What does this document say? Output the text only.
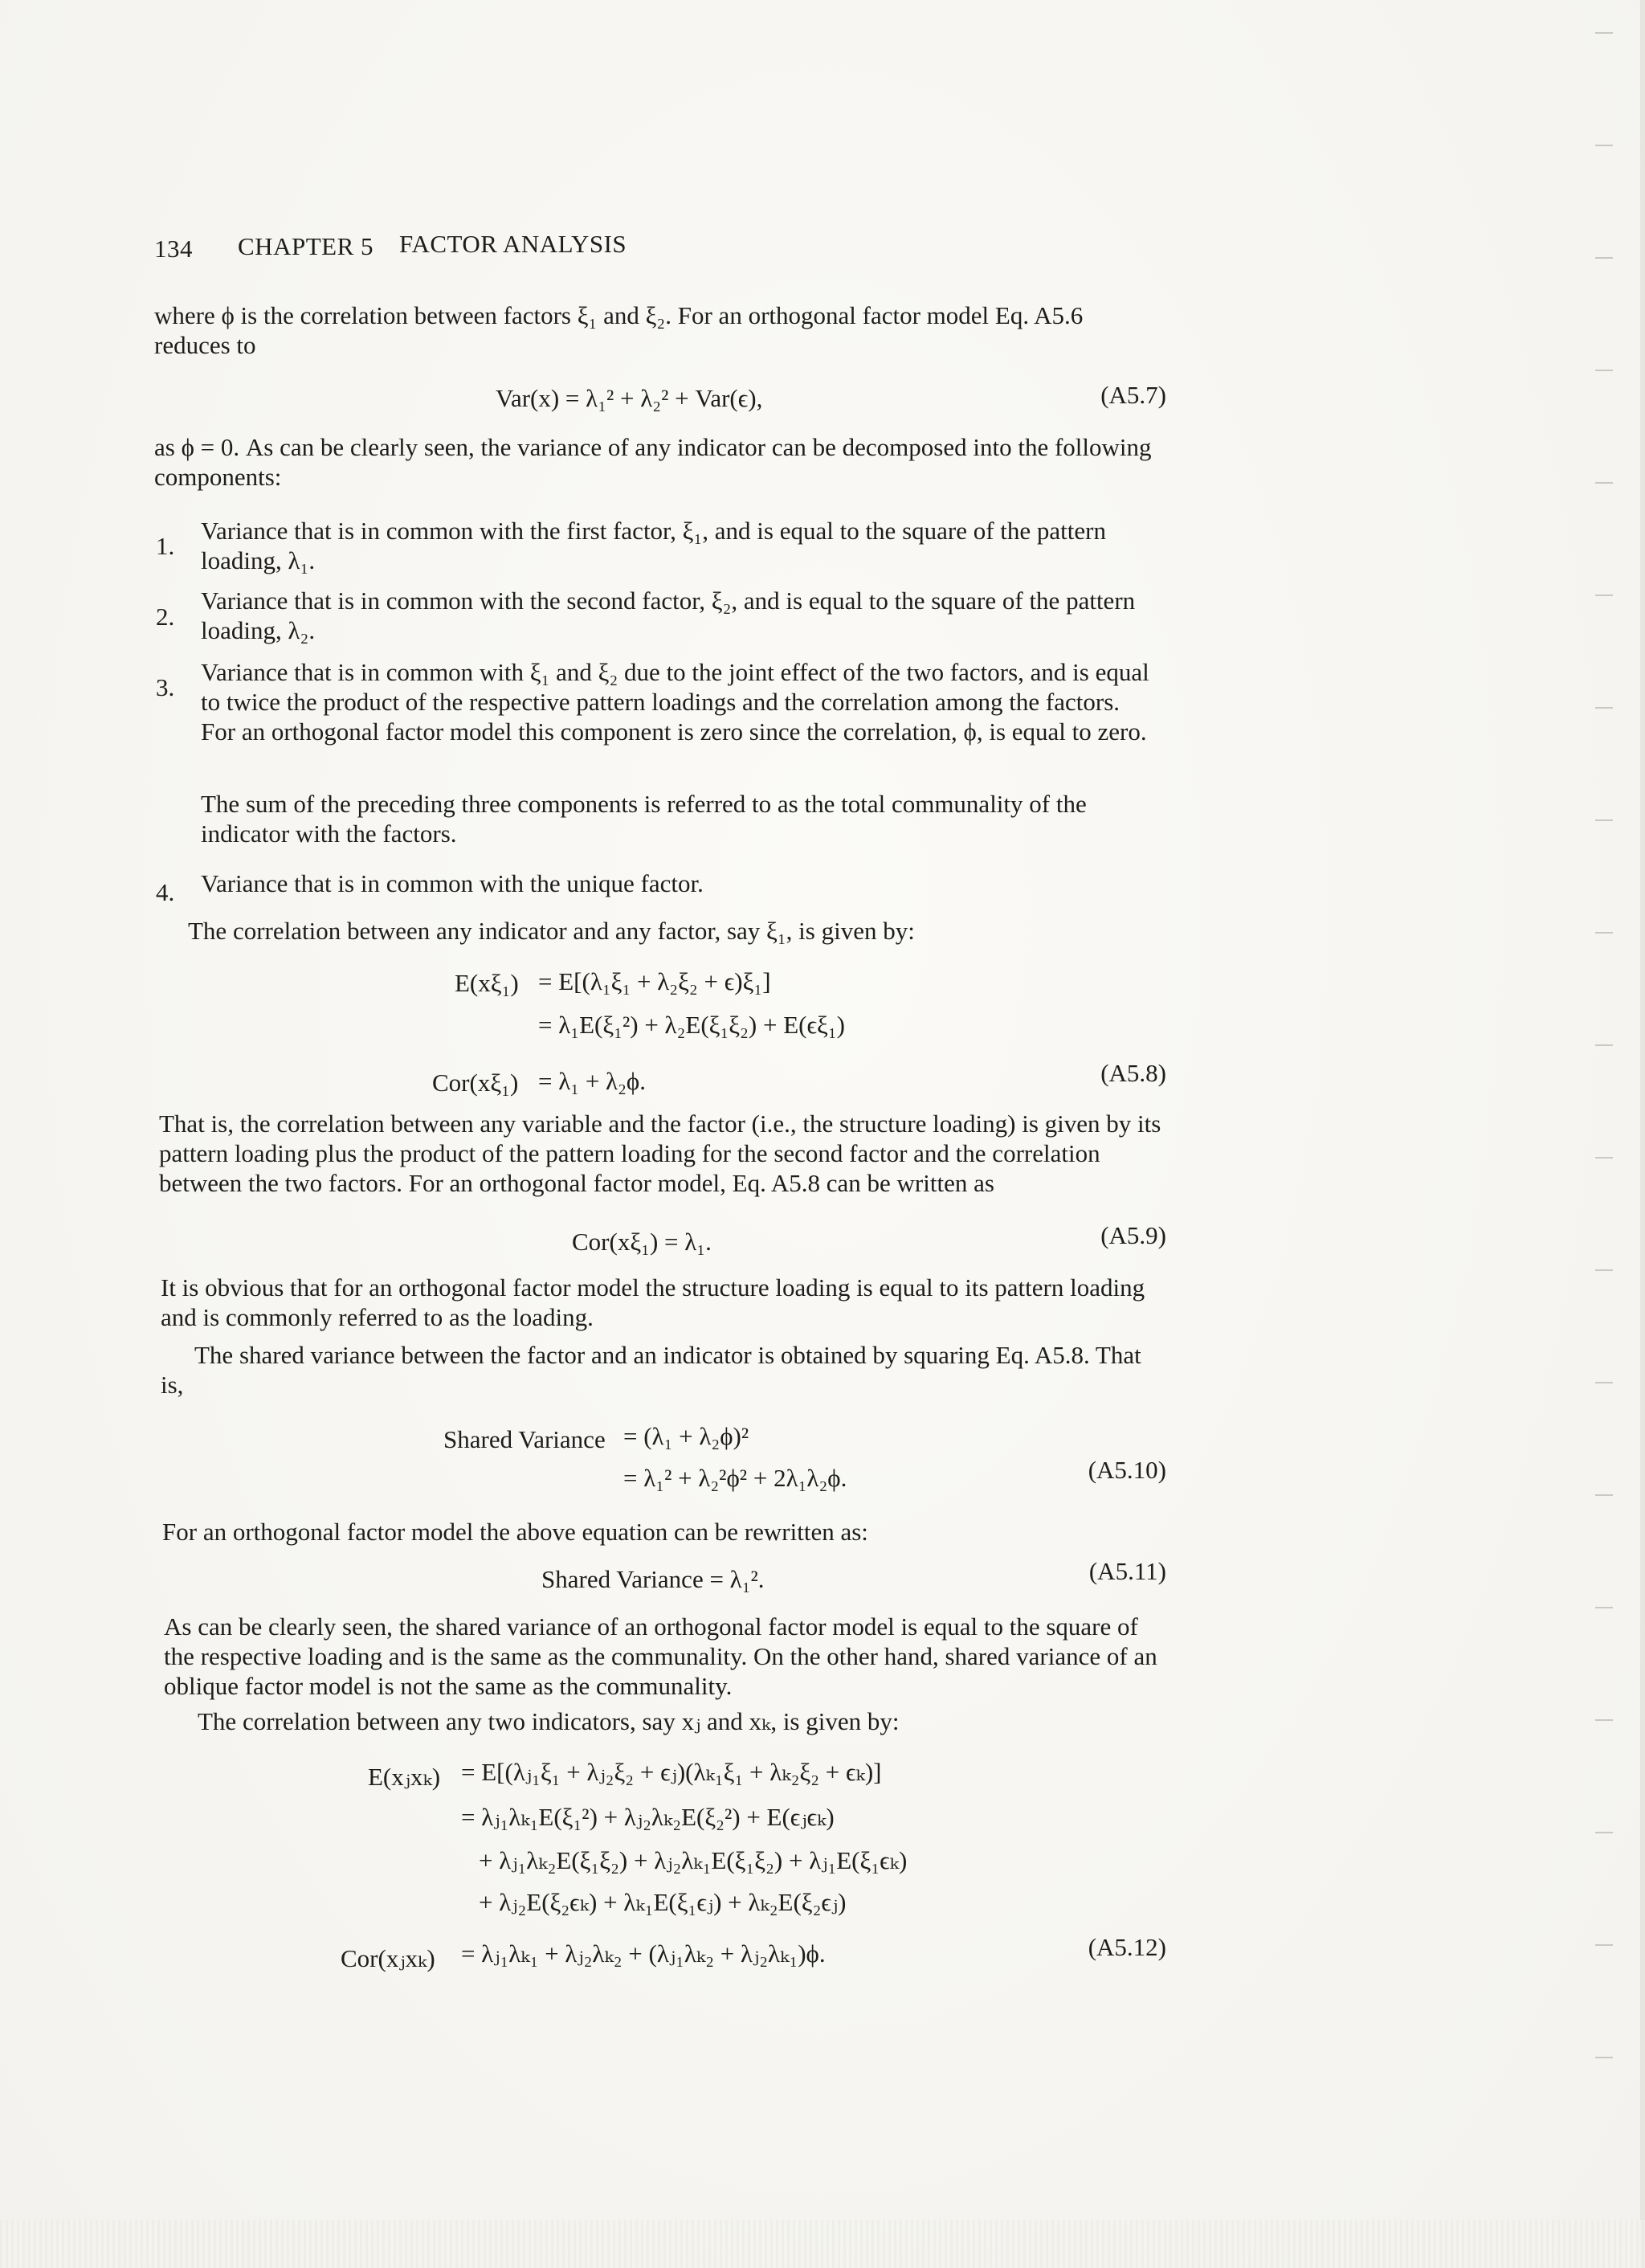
134 CHAPTER 5 FACTOR ANALYSIS
where ϕ is the correlation between factors ξ₁ and ξ₂. For an orthogonal factor model Eq. A5.6 reduces to
Var(x) = λ₁² + λ₂² + Var(ϵ),	(A5.7)
as ϕ = 0. As can be clearly seen, the variance of any indicator can be decomposed into the following components:
1.
Variance that is in common with the first factor, ξ₁, and is equal to the square of the pattern loading, λ₁.
2.
Variance that is in common with the second factor, ξ₂, and is equal to the square of the pattern loading, λ₂.
3.
Variance that is in common with ξ₁ and ξ₂ due to the joint effect of the two factors, and is equal to twice the product of the respective pattern loadings and the correlation among the factors. For an orthogonal factor model this component is zero since the correlation, ϕ, is equal to zero.
The sum of the preceding three components is referred to as the total communality of the indicator with the factors.
4. Variance that is in common with the unique factor.
The correlation between any indicator and any factor, say ξ₁, is given by:
E(xξ₁) = E[(λ₁ξ₁ + λ₂ξ₂ + ϵ)ξ₁]
= λ₁E(ξ₁²) + λ₂E(ξ₁ξ₂) + E(ϵξ₁)
Cor(xξ₁) = λ₁ + λ₂ϕ.	(A5.8)
That is, the correlation between any variable and the factor (i.e., the structure loading) is given by its pattern loading plus the product of the pattern loading for the second factor and the correlation between the two factors. For an orthogonal factor model, Eq. A5.8 can be written as
Cor(xξ₁) = λ₁.	(A5.9)
It is obvious that for an orthogonal factor model the structure loading is equal to its pattern loading and is commonly referred to as the loading.
The shared variance between the factor and an indicator is obtained by squaring Eq. A5.8. That is,
Shared Variance = (λ₁ + λ₂ϕ)²
= λ₁² + λ₂²ϕ² + 2λ₁λ₂ϕ.	(A5.10)
For an orthogonal factor model the above equation can be rewritten as:
Shared Variance = λ₁².	(A5.11)
As can be clearly seen, the shared variance of an orthogonal factor model is equal to the square of the respective loading and is the same as the communality. On the other hand, shared variance of an oblique factor model is not the same as the communality.
The correlation between any two indicators, say xⱼ and xₖ, is given by:
E(xⱼxₖ) = E[(λⱼ₁ξ₁ + λⱼ₂ξ₂ + ϵⱼ)(λₖ₁ξ₁ + λₖ₂ξ₂ + ϵₖ)]
= λⱼ₁λₖ₁E(ξ₁²) + λⱼ₂λₖ₂E(ξ₂²) + E(ϵⱼϵₖ)
+ λⱼ₁λₖ₂E(ξ₁ξ₂) + λⱼ₂λₖ₁E(ξ₁ξ₂) + λⱼ₁E(ξ₁ϵₖ)
+ λⱼ₂E(ξ₂ϵₖ) + λₖ₁E(ξ₁ϵⱼ) + λₖ₂E(ξ₂ϵⱼ)
Cor(xⱼxₖ) = λⱼ₁λₖ₁ + λⱼ₂λₖ₂ + (λⱼ₁λₖ₂ + λⱼ₂λₖ₁)ϕ.	(A5.12)
